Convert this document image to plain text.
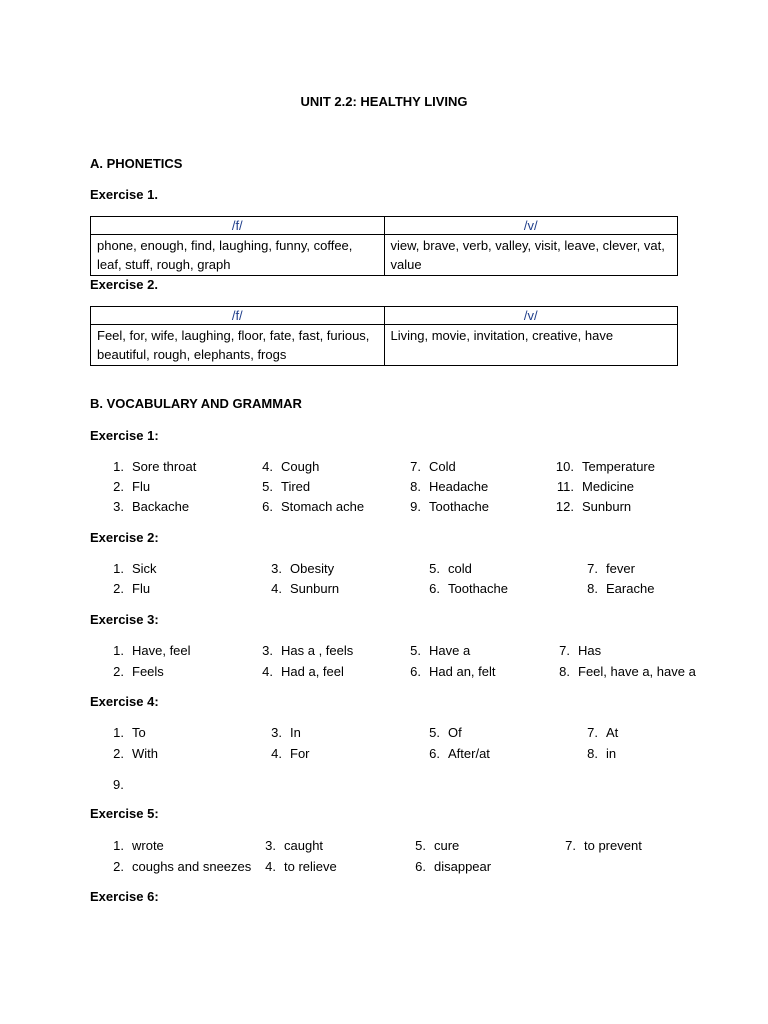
UNIT 2.2: HEALTHY LIVING
A. PHONETICS
Exercise 1.
/f/	/v/
phone, enough, find, laughing, funny, coffee, leaf, stuff, rough, graph	view, brave, verb, valley, visit, leave, clever, vat, value
Exercise 2.
/f/	/v/
Feel, for, wife, laughing, floor, fate, fast, furious, beautiful, rough, elephants, frogs	Living, movie, invitation, creative, have
B. VOCABULARY AND GRAMMAR
Exercise 1:
1. Sore throat	4. Cough	7. Cold	10. Temperature
2. Flu	5. Tired	8. Headache	11. Medicine
3. Backache	6. Stomach ache	9. Toothache	12. Sunburn
Exercise 2:
1. Sick	3. Obesity	5. cold	7. fever
2. Flu	4. Sunburn	6. Toothache	8. Earache
Exercise 3:
1. Have, feel	3. Has a , feels	5. Have a	7. Has
2. Feels	4. Had a, feel	6. Had an, felt	8. Feel, have a, have a
Exercise 4:
1. To	3. In	5. Of	7. At
2. With	4. For	6. After/at	8. in
9.
Exercise 5:
1. wrote	3. caught	5. cure	7. to prevent
2. coughs and sneezes	4. to relieve	6. disappear
Exercise 6:
